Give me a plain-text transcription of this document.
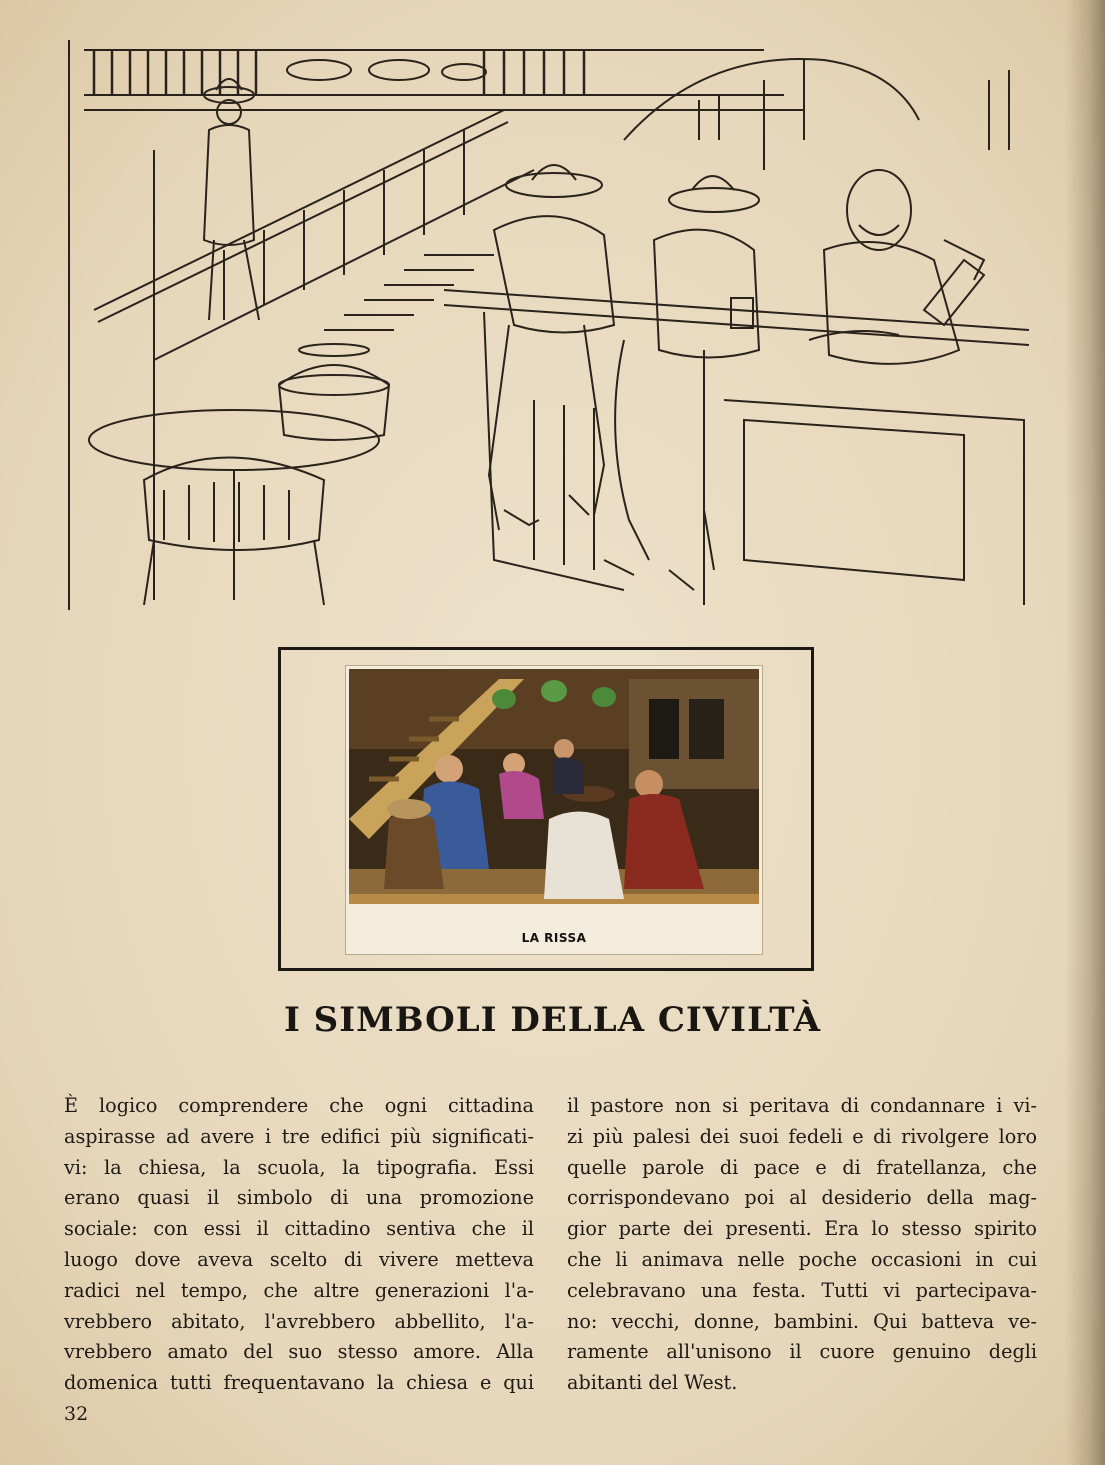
LA RISSA
I SIMBOLI DELLA CIVILTÀ
È logico comprendere che ogni cittadina
aspirasse ad avere i tre edifici più significati-
vi: la chiesa, la scuola, la tipografia. Essi
erano quasi il simbolo di una promozione
sociale: con essi il cittadino sentiva che il
luogo dove aveva scelto di vivere metteva
radici nel tempo, che altre generazioni l'a-
vrebbero abitato, l'avrebbero abbellito, l'a-
vrebbero amato del suo stesso amore. Alla
domenica tutti frequentavano la chiesa e qui
il pastore non si peritava di condannare i vi-
zi più palesi dei suoi fedeli e di rivolgere loro
quelle parole di pace e di fratellanza, che
corrispondevano poi al desiderio della mag-
gior parte dei presenti. Era lo stesso spirito
che li animava nelle poche occasioni in cui
celebravano una festa. Tutti vi partecipava-
no: vecchi, donne, bambini. Qui batteva ve-
ramente all'unisono il cuore genuino degli
abitanti del West.
32
